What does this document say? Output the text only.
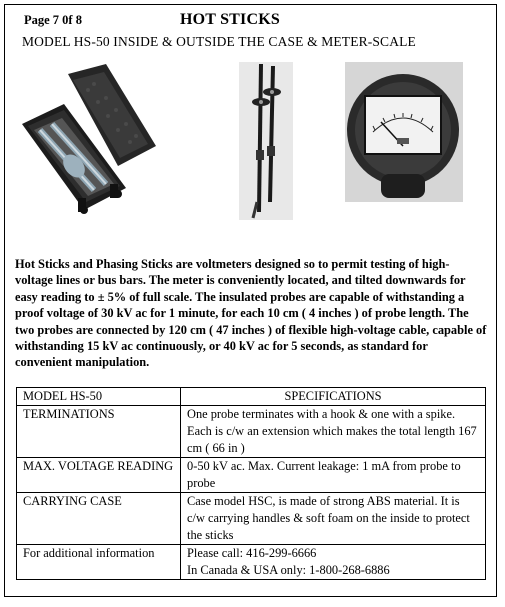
Page 7 0f 8	HOT STICKS
MODEL HS-50 INSIDE & OUTSIDE THE CASE & METER-SCALE
Hot Sticks and Phasing Sticks are voltmeters designed so to permit testing of high-voltage lines or bus bars. The meter is conveniently located, and tilted downwards for easy reading to ± 5% of full scale. The insulated probes are capable of withstanding a proof voltage of 30 kV ac for 1 minute, for each 10 cm ( 4 inches ) of probe length. The two probes are connected by 120 cm ( 47 inches ) of flexible high-voltage cable, capable of withstanding 15 kV ac continuously, or 40 kV ac for 5 seconds, as standard for convenient manipulation.
MODEL HS-50	SPECIFICATIONS
TERMINATIONS	One probe terminates with a hook & one with a spike. Each is c/w an extension which makes the total length 167 cm ( 66 in )
MAX. VOLTAGE READING	0-50 kV ac. Max. Current leakage: 1 mA from probe to probe
CARRYING CASE	Case model HSC, is made of strong ABS material. It is c/w carrying handles & soft foam on the inside to protect the sticks
For additional information	Please call: 416-299-6666
In Canada & USA only: 1-800-268-6886
